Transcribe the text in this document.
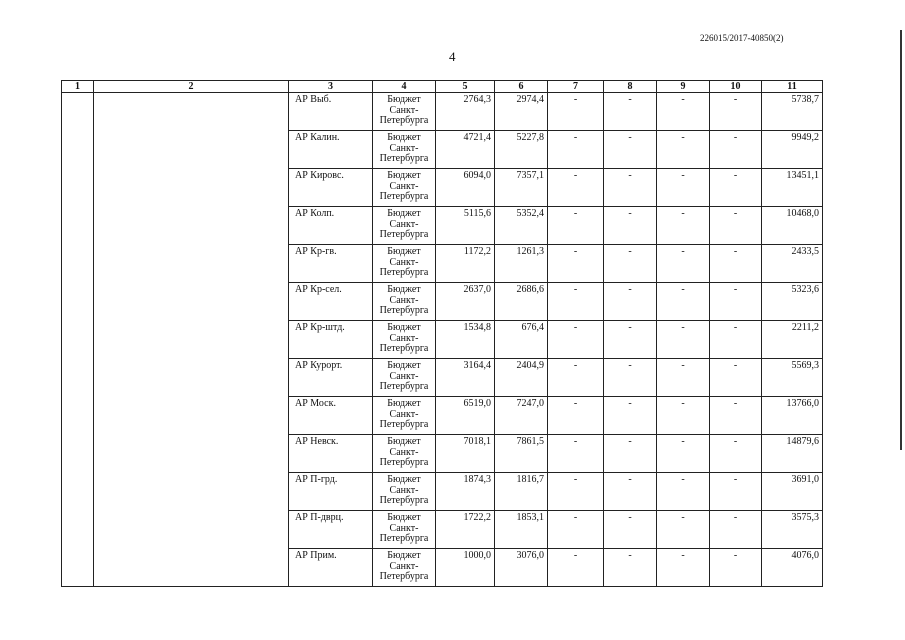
226015/2017-40850(2)
4
1	2	3	4	5	6	7	8	9	10	11
		АР Выб.	Бюджет
Санкт-
Петербурга	2764,3	2974,4	-	-	-	-	5738,7
		АР Калин.	Бюджет
Санкт-
Петербурга	4721,4	5227,8	-	-	-	-	9949,2
		АР Кировс.	Бюджет
Санкт-
Петербурга	6094,0	7357,1	-	-	-	-	13451,1
		АР Колп.	Бюджет
Санкт-
Петербурга	5115,6	5352,4	-	-	-	-	10468,0
		АР Кр-гв.	Бюджет
Санкт-
Петербурга	1172,2	1261,3	-	-	-	-	2433,5
		АР Кр-сел.	Бюджет
Санкт-
Петербурга	2637,0	2686,6	-	-	-	-	5323,6
		АР Кр-штд.	Бюджет
Санкт-
Петербурга	1534,8	676,4	-	-	-	-	2211,2
		АР Курорт.	Бюджет
Санкт-
Петербурга	3164,4	2404,9	-	-	-	-	5569,3
		АР Моск.	Бюджет
Санкт-
Петербурга	6519,0	7247,0	-	-	-	-	13766,0
		АР Невск.	Бюджет
Санкт-
Петербурга	7018,1	7861,5	-	-	-	-	14879,6
		АР П-грд.	Бюджет
Санкт-
Петербурга	1874,3	1816,7	-	-	-	-	3691,0
		АР П-дврц.	Бюджет
Санкт-
Петербурга	1722,2	1853,1	-	-	-	-	3575,3
		АР Прим.	Бюджет
Санкт-
Петербурга	1000,0	3076,0	-	-	-	-	4076,0
